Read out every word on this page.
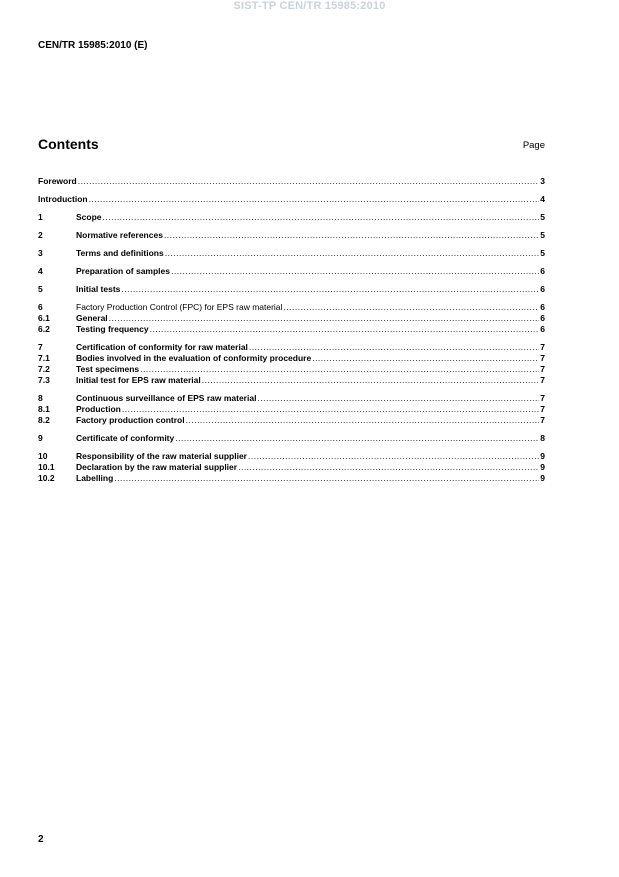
SIST-TP CEN/TR 15985:2010
CEN/TR 15985:2010 (E)
Contents	Page
Foreword .....	3
Introduction .....	4
1	Scope .....	5
2	Normative references .....	5
3	Terms and definitions .....	5
4	Preparation of samples .....	6
5	Initial tests .....	6
6	Factory Production Control (FPC) for EPS raw material .....	6
6.1	General .....	6
6.2	Testing frequency .....	6
7	Certification of conformity for raw material .....	7
7.1	Bodies involved in the evaluation of conformity procedure .....	7
7.2	Test specimens .....	7
7.3	Initial test for EPS raw material .....	7
8	Continuous surveillance of EPS raw material .....	7
8.1	Production .....	7
8.2	Factory production control .....	7
9	Certificate of conformity .....	8
10	Responsibility of the raw material supplier .....	9
10.1	Declaration by the raw material supplier .....	9
10.2	Labelling .....	9
2
